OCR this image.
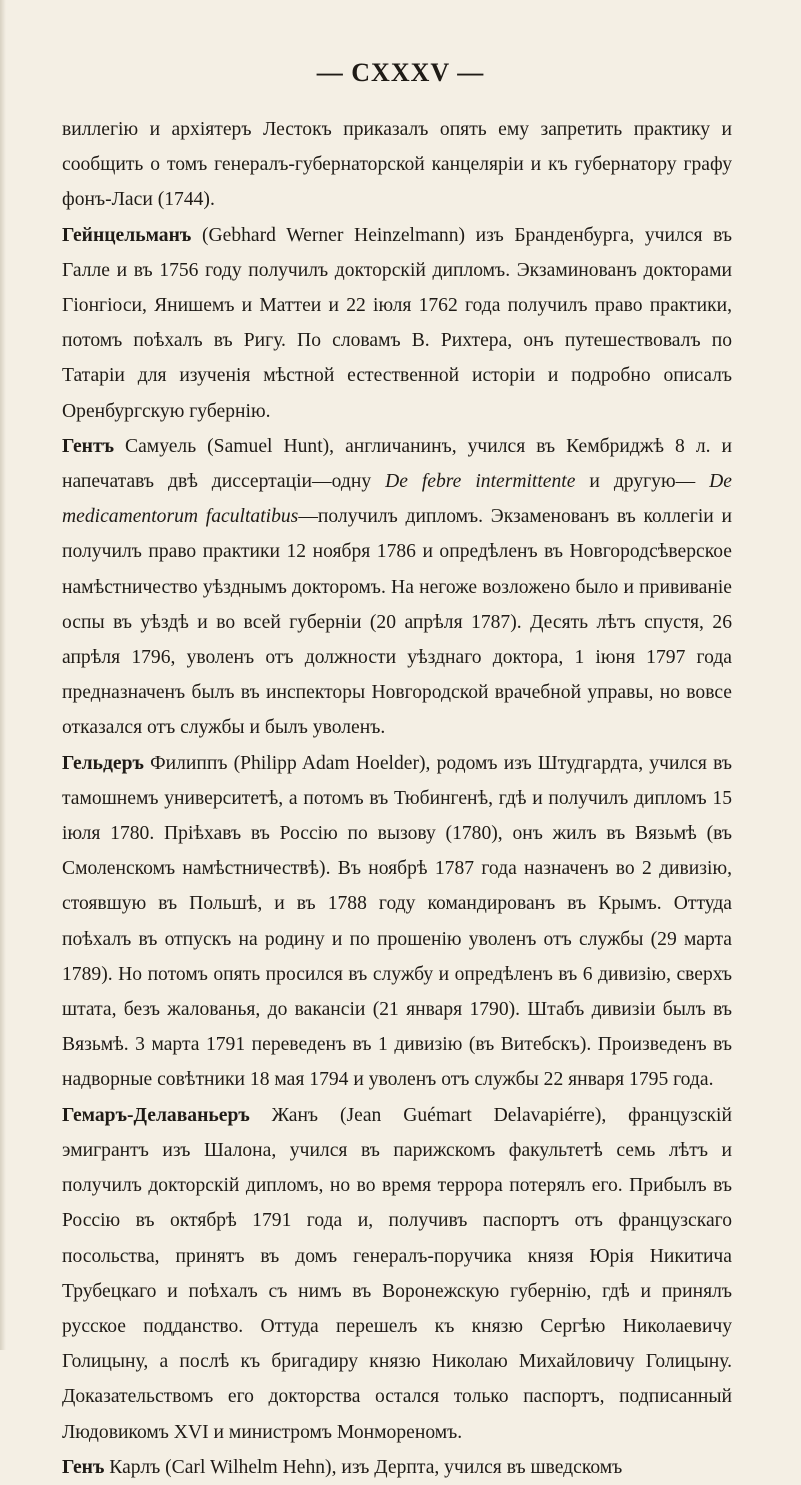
— CXXXV —

виллегію и архіятеръ Лестокъ приказалъ опять ему запретить практику и сообщить о томъ генералъ-губернаторской канцеляріи и къ губернатору графу фонъ-Ласи (1744).

Гейнцельманъ (Gebhard Werner Heinzelmann) изъ Бранденбурга, учился въ Галле и въ 1756 году получилъ докторскій дипломъ. Экзаминованъ докторами Гіонгіоси, Янишемъ и Маттеи и 22 іюля 1762 года получилъ право практики, потомъ поѣхалъ въ Ригу. По словамъ В. Рихтера, онъ путешествовалъ по Татаріи для изученія мѣстной естественной исторіи и подробно описалъ Оренбургскую губернію.

Гентъ Самуель (Samuel Hunt), англичанинъ, учился въ Кембриджѣ 8 л. и напечатавъ двѣ диссертаціи—одну De febre intermittente и другую— De medicamentorum facultatibus—получилъ дипломъ. Экзаменованъ въ коллегіи и получилъ право практики 12 ноября 1786 и опредѣленъ въ Новгородсѣверское намѣстничество уѣзднымъ докторомъ. На негоже возложено было и прививаніе оспы въ уѣздѣ и во всей губерніи (20 апрѣля 1787). Десять лѣтъ спустя, 26 апрѣля 1796, уволенъ отъ должности уѣзднаго доктора, 1 іюня 1797 года предназначенъ былъ въ инспекторы Новгородской врачебной управы, но вовсе отказался отъ службы и былъ уволенъ.

Гельдеръ Филиппъ (Philipp Adam Hoelder), родомъ изъ Штудгардта, учился въ тамошнемъ университетѣ, а потомъ въ Тюбингенѣ, гдѣ и получилъ дипломъ 15 іюля 1780. Пріѣхавъ въ Россію по вызову (1780), онъ жилъ въ Вязьмѣ (въ Смоленскомъ намѣстничествѣ). Въ ноябрѣ 1787 года назначенъ во 2 дивизію, стоявшую въ Польшѣ, и въ 1788 году командированъ въ Крымъ. Оттуда поѣхалъ въ отпускъ на родину и по прошенію уволенъ отъ службы (29 марта 1789). Но потомъ опять просился въ службу и опредѣленъ въ 6 дивизію, сверхъ штата, безъ жалованья, до вакансіи (21 января 1790). Штабъ дивизіи былъ въ Вязьмѣ. 3 марта 1791 переведенъ въ 1 дивизію (въ Витебскъ). Произведенъ въ надворные совѣтники 18 мая 1794 и уволенъ отъ службы 22 января 1795 года.

Гемаръ-Делаваньеръ Жанъ (Jean Guémart Delavapiérre), французскій эмигрантъ изъ Шалона, учился въ парижскомъ факультетѣ семь лѣтъ и получилъ докторскій дипломъ, но во время террора потерялъ его. Прибылъ въ Россію въ октябрѣ 1791 года и, получивъ паспортъ отъ французскаго посольства, принятъ въ домъ генералъ-поручика князя Юрія Никитича Трубецкаго и поѣхалъ съ нимъ въ Воронежскую губернію, гдѣ и принялъ русское подданство. Оттуда перешелъ къ князю Сергѣю Николаевичу Голицыну, а послѣ къ бригадиру князю Николаю Михайловичу Голицыну. Доказательствомъ его докторства остался только паспортъ, подписанный Людовикомъ XVI и министромъ Монмореномъ.

Генъ Карлъ (Carl Wilhelm Hehn), изъ Дерпта, учился въ шведскомъ
